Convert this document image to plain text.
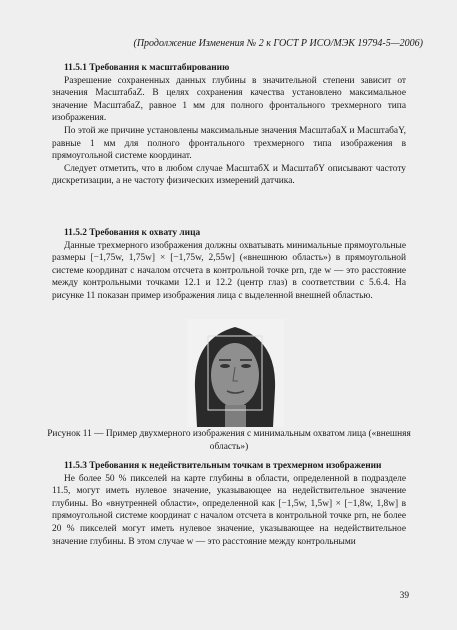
(Продолжение Изменения № 2 к ГОСТ Р ИСО/МЭК 19794-5—2006)
11.5.1 Требования к масштабированию

Разрешение сохраненных данных глубины в значительной степени зависит от значения МасштабаZ. В целях сохранения качества установлено максимальное значение МасштабаZ, равное 1 мм для полного фронтального трехмерного типа изображения.

По этой же причине установлены максимальные значения МасштабаX и МасштабаY, равные 1 мм для полного фронтального трехмерного типа изображения в прямоугольной системе координат.

Следует отметить, что в любом случае МасштабX и МасштабY описывают частоту дискретизации, а не частоту физических измерений датчика.

11.5.2 Требования к охвату лица

Данные трехмерного изображения должны охватывать минимальные прямоугольные размеры [−1,75w, 1,75w] × [−1,75w, 2,55w] («внешнюю область») в прямоугольной системе координат с началом отсчета в контрольной точке prn, где w — это расстояние между контрольными точками 12.1 и 12.2 (центр глаз) в соответствии с 5.6.4. На рисунке 11 показан пример изображения лица с выделенной внешней областью.

Рисунок 11 — Пример двухмерного изображения с минимальным охватом лица («внешняя область»)
11.5.3 Требования к недействительным точкам в трехмерном изображении

Не более 50 % пикселей на карте глубины в области, определенной в подразделе 11.5, могут иметь нулевое значение, указывающее на недействительное значение глубины. Во «внутренней области», определенной как [−1,5w, 1,5w] × [−1,8w, 1,8w] в прямоугольной системе координат с началом отсчета в контрольной точке prn, не более 20 % пикселей могут иметь нулевое значение, указывающее на недействительное значение глубины. В этом случае w — это расстояние между контрольными

39
